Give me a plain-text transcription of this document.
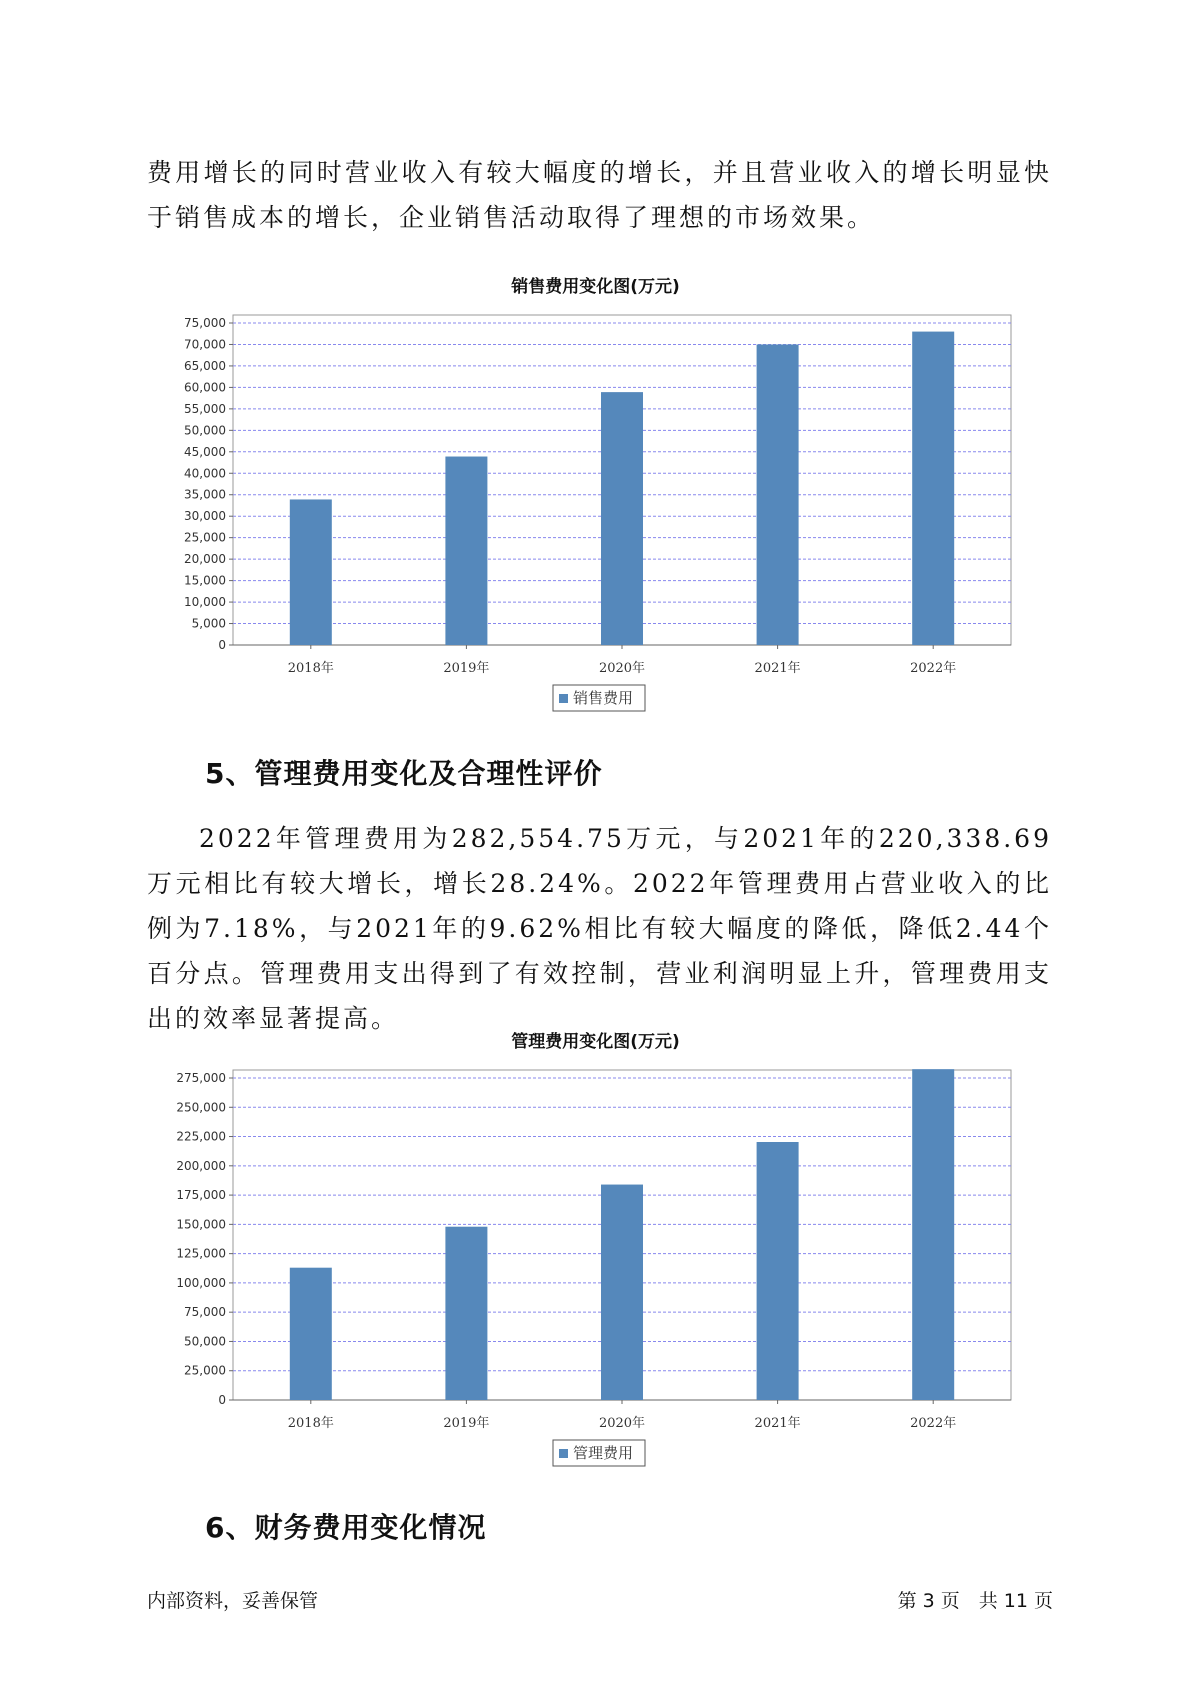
费用增长的同时营业收入有较大幅度的增长，并且营业收入的增长明显快于销售成本的增长，企业销售活动取得了理想的市场效果。

销售费用变化图(万元)
0
5,000
10,000
15,000
20,000
25,000
30,000
35,000
40,000
45,000
50,000
55,000
60,000
65,000
70,000
75,000
2018年	2019年	2020年	2021年	2022年
销售费用
5、管理费用变化及合理性评价

2022年管理费用为282,554.75万元，与2021年的220,338.69万元相比有较大增长，增长28.24%。2022年管理费用占营业收入的比例为7.18%，与2021年的9.62%相比有较大幅度的降低，降低2.44个百分点。管理费用支出得到了有效控制，营业利润明显上升，管理费用支出的效率显著提高。

管理费用变化图(万元)
0
25,000
50,000
75,000
100,000
125,000
150,000
175,000
200,000
225,000
250,000
275,000
2018年	2019年	2020年	2021年	2022年
管理费用
6、财务费用变化情况
内部资料，妥善保管	第 3 页　共 11 页
